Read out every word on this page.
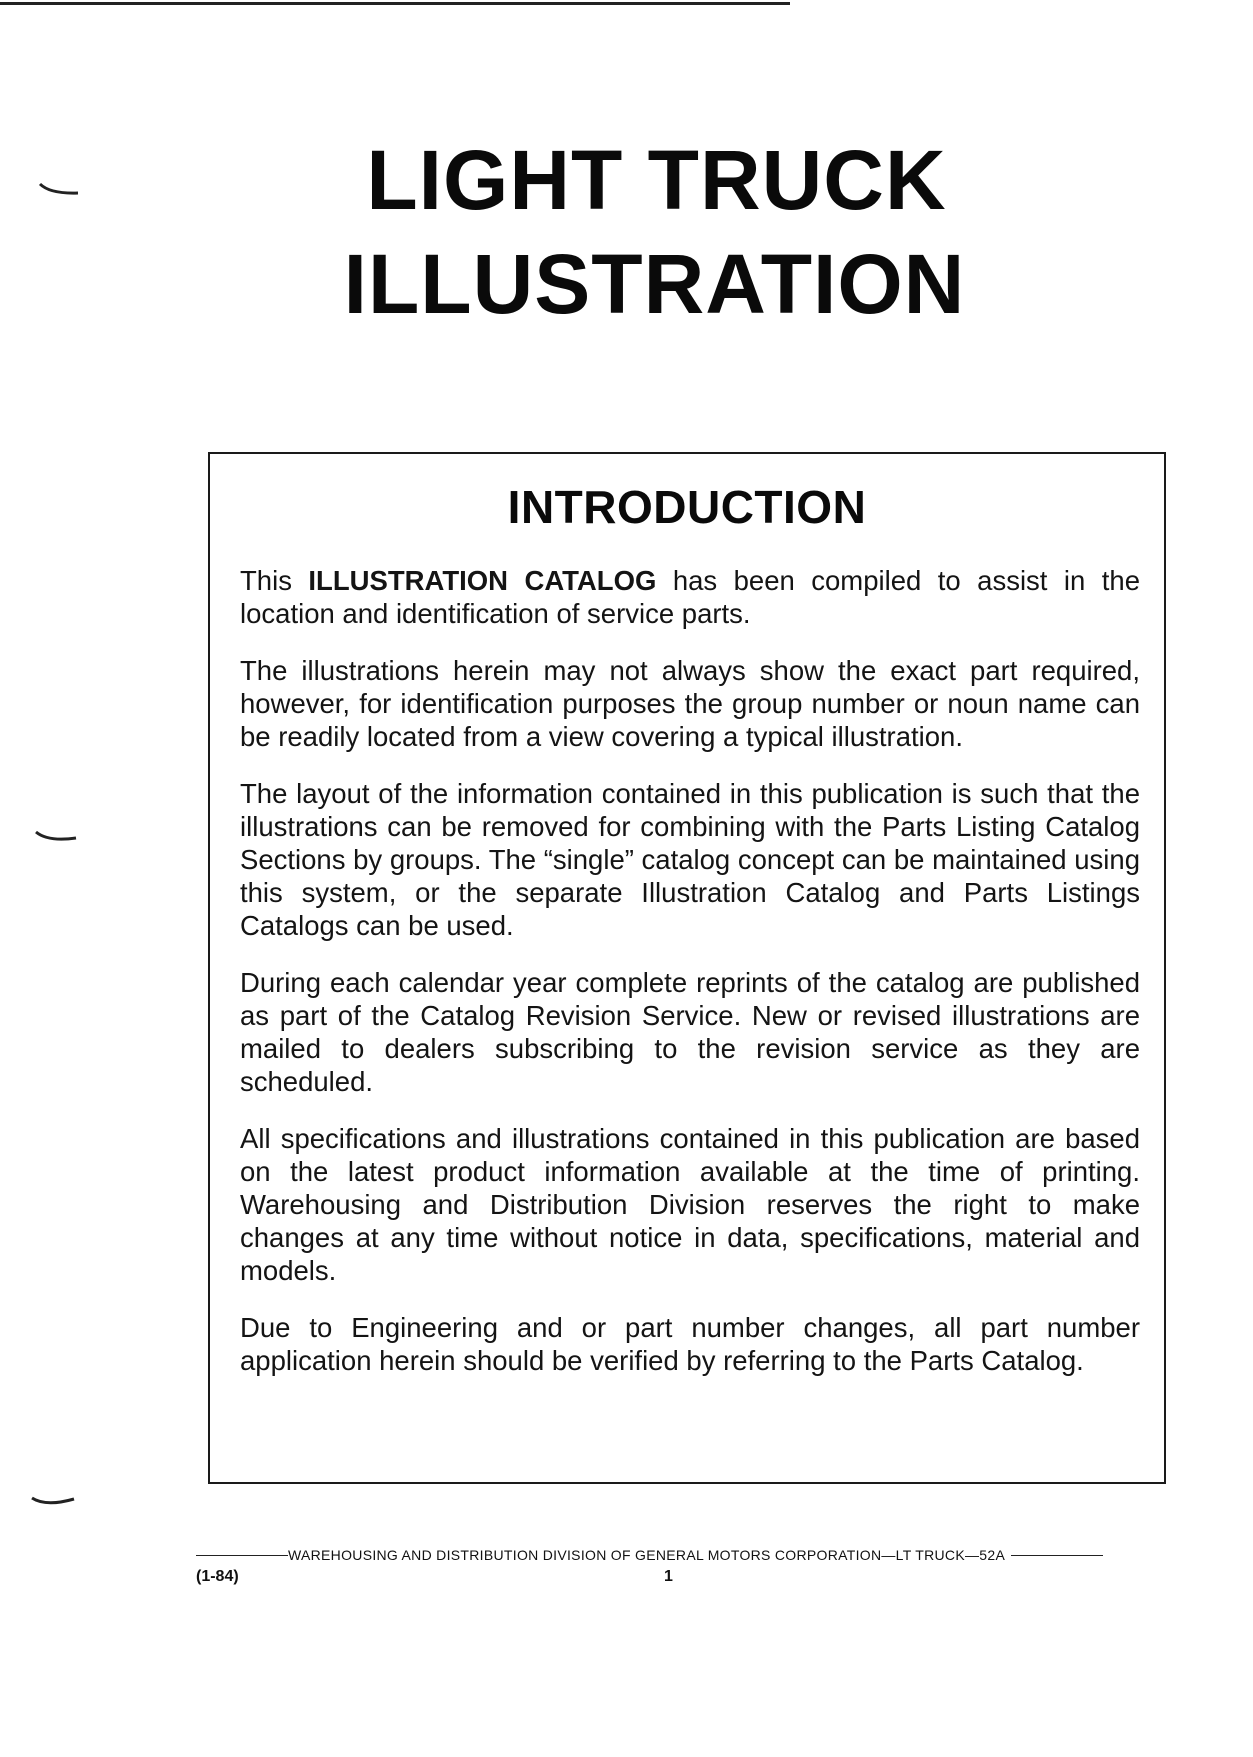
LIGHT TRUCK
ILLUSTRATION
INTRODUCTION

This ILLUSTRATION CATALOG has been compiled to assist in the location and identification of service parts.

The illustrations herein may not always show the exact part required, however, for identification purposes the group number or noun name can be readily located from a view covering a typical illustration.

The layout of the information contained in this publication is such that the illustrations can be removed for combining with the Parts Listing Catalog Sections by groups. The “single” catalog concept can be maintained using this system, or the separate Illustration Catalog and Parts Listings Catalogs can be used.

During each calendar year complete reprints of the catalog are published as part of the Catalog Revision Service. New or revised illustrations are mailed to dealers subscribing to the revision service as they are scheduled.

All specifications and illustrations contained in this publication are based on the latest product information available at the time of printing. Warehousing and Distribution Division reserves the right to make changes at any time without notice in data, specifications, material and models.

Due to Engineering and or part number changes, all part number application herein should be verified by referring to the Parts Catalog.

WAREHOUSING AND DISTRIBUTION DIVISION OF GENERAL MOTORS CORPORATION—LT TRUCK—52A
(1-84)	1
